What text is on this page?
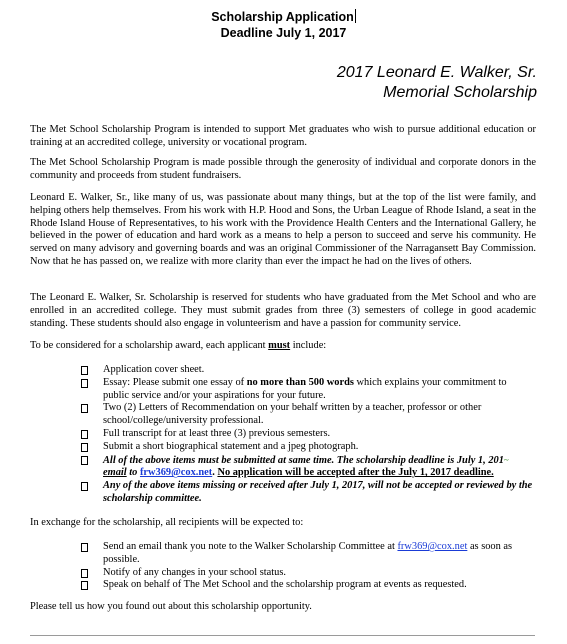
Scholarship Application
Deadline July 1, 2017
2017 Leonard E. Walker, Sr.
Memorial Scholarship

The Met School Scholarship Program is intended to support Met graduates who wish to pursue additional education or training at an accredited college, university or vocational program.

The Met School Scholarship Program is made possible through the generosity of individual and corporate donors in the community and proceeds from student fundraisers.

Leonard E. Walker, Sr., like many of us, was passionate about many things, but at the top of the list were family, and helping others help themselves. From his work with H.P. Hood and Sons, the Urban League of Rhode Island, a seat in the Rhode Island House of Representatives, to his work with the Providence Health Centers and the International Gallery, he believed in the power of education and hard work as a means to help a person to succeed and serve his community. He served on many advisory and governing boards and was an original Commissioner of the Narragansett Bay Commission. Now that he has passed on, we realize with more clarity than ever the impact he had on the lives of others.

The Leonard E. Walker, Sr. Scholarship is reserved for students who have graduated from the Met School and who are enrolled in an accredited college. They must submit grades from three (3) semesters of college in good academic standing. These students should also engage in volunteerism and have a passion for community service.

To be considered for a scholarship award, each applicant must include:

Application cover sheet.
Essay: Please submit one essay of no more than 500 words which explains your commitment to public service and/or your aspirations for your future.
Two (2) Letters of Recommendation on your behalf written by a teacher, professor or other school/college/university professional.
Full transcript for at least three (3) previous semesters.
Submit a short biographical statement and a jpeg photograph.
All of the above items must be submitted at same time. The scholarship deadline is July 1, 201~
email to frw369@cox.net. No application will be accepted after the July 1, 2017 deadline.
Any of the above items missing or received after July 1, 2017, will not be accepted or reviewed by the scholarship committee.

In exchange for the scholarship, all recipients will be expected to:

Send an email thank you note to the Walker Scholarship Committee at frw369@cox.net as soon as possible.
Notify of any changes in your school status.
Speak on behalf of The Met School and the scholarship program at events as requested.

Please tell us how you found out about this scholarship opportunity.
